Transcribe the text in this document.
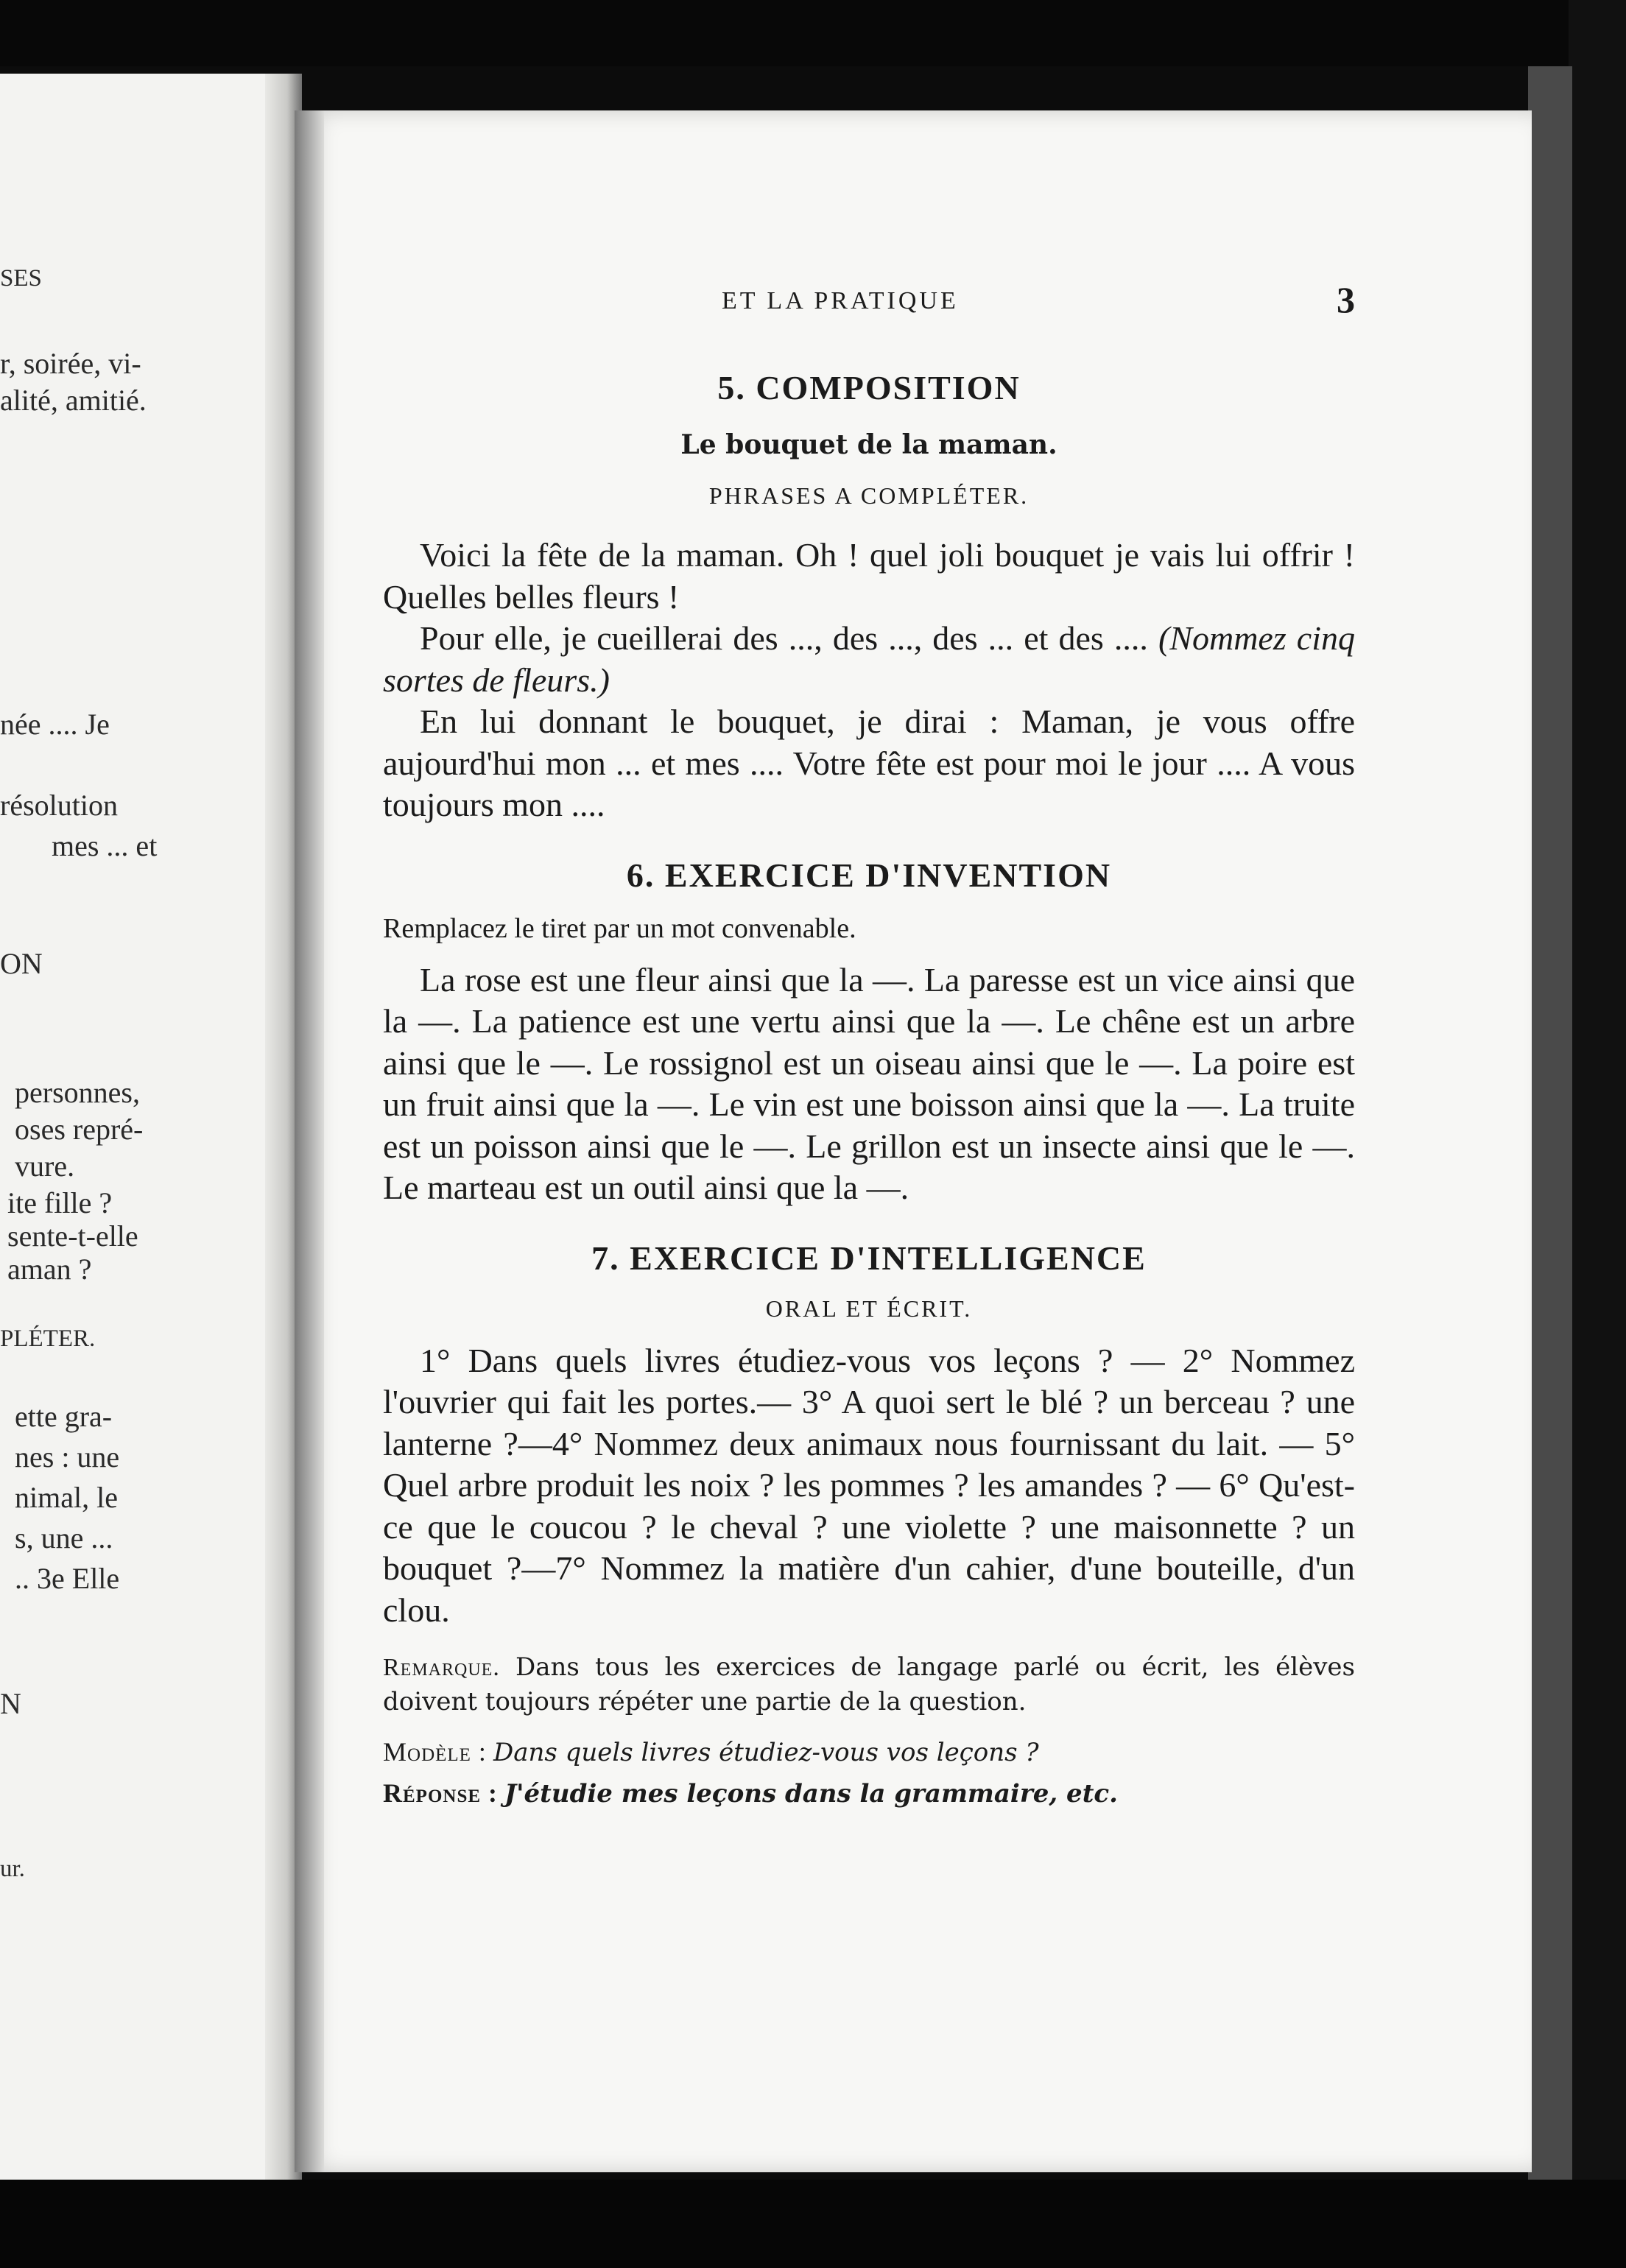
SES
r, soirée, vi-
alité, amitié.
née .... Je
résolution
mes ... et
ON
personnes,
oses repré-
vure.
ite fille ?
sente-t-elle
aman ?
PLÉTER.
ette gra-
nes : une
nimal, le
s, une ...
.. 3e Elle
N
ur.
ET LA PRATIQUE	3
5. COMPOSITION

Le bouquet de la maman.

PHRASES A COMPLÉTER.

Voici la fête de la maman. Oh ! quel joli bouquet je vais lui offrir ! Quelles belles fleurs !

Pour elle, je cueillerai des ..., des ..., des ... et des .... (Nommez cinq sortes de fleurs.)

En lui donnant le bouquet, je dirai : Maman, je vous offre aujourd'hui mon ... et mes .... Votre fête est pour moi le jour .... A vous toujours mon ....

6. EXERCICE D'INVENTION

Remplacez le tiret par un mot convenable.

La rose est une fleur ainsi que la —. La paresse est un vice ainsi que la —. La patience est une vertu ainsi que la —. Le chêne est un arbre ainsi que le —. Le rossignol est un oiseau ainsi que le —. La poire est un fruit ainsi que la —. Le vin est une boisson ainsi que la —. La truite est un poisson ainsi que le —. Le grillon est un insecte ainsi que le —. Le marteau est un outil ainsi que la —.

7. EXERCICE D'INTELLIGENCE

ORAL ET ÉCRIT.

1° Dans quels livres étudiez-vous vos leçons ? — 2° Nommez l'ouvrier qui fait les portes.— 3° A quoi sert le blé ? un berceau ? une lanterne ?—4° Nommez deux animaux nous fournissant du lait. — 5° Quel arbre produit les noix ? les pommes ? les amandes ? — 6° Qu'est-ce que le coucou ? le cheval ? une violette ? une maisonnette ? un bouquet ?—7° Nommez la matière d'un cahier, d'une bouteille, d'un clou.

Remarque. Dans tous les exercices de langage parlé ou écrit, les élèves doivent toujours répéter une partie de la question.

Modèle : Dans quels livres étudiez-vous vos leçons ?

Réponse : J'étudie mes leçons dans la grammaire, etc.
